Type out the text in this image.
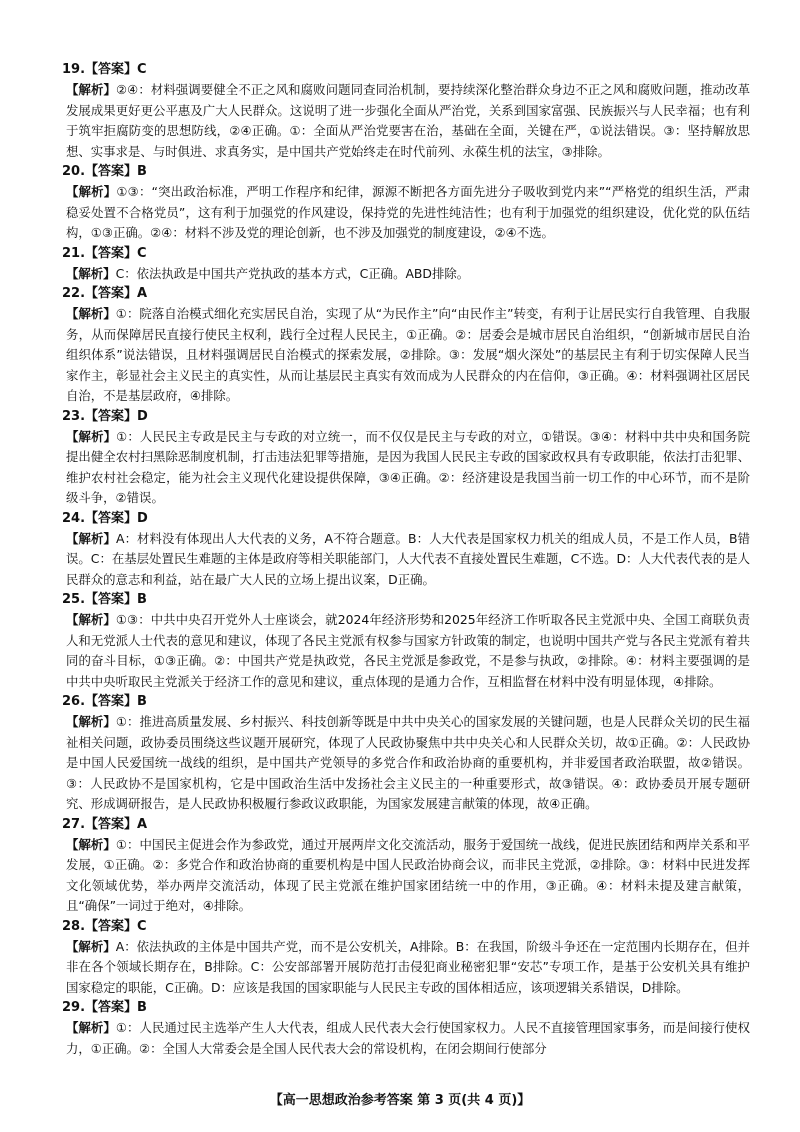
19.【答案】C
【解析】②④：材料强调要健全不正之风和腐败问题同查同治机制，要持续深化整治群众身边不正之风和腐败问题，推动改革发展成果更好更公平惠及广大人民群众。这说明了进一步强化全面从严治党，关系到国家富强、民族振兴与人民幸福；也有利于筑牢拒腐防变的思想防线，②④正确。①：全面从严治党要害在治，基础在全面，关键在严，①说法错误。③：坚持解放思想、实事求是、与时俱进、求真务实，是中国共产党始终走在时代前列、永葆生机的法宝，③排除。
20.【答案】B
【解析】①③：“突出政治标准，严明工作程序和纪律，源源不断把各方面先进分子吸收到党内来”“严格党的组织生活，严肃稳妥处置不合格党员”，这有利于加强党的作风建设，保持党的先进性纯洁性；也有利于加强党的组织建设，优化党的队伍结构，①③正确。②④：材料不涉及党的理论创新，也不涉及加强党的制度建设，②④不选。
21.【答案】C
【解析】C：依法执政是中国共产党执政的基本方式，C正确。ABD排除。
22.【答案】A
【解析】①：院落自治模式细化充实居民自治，实现了从“为民作主”向“由民作主”转变，有利于让居民实行自我管理、自我服务，从而保障居民直接行使民主权利，践行全过程人民民主，①正确。②：居委会是城市居民自治组织，“创新城市居民自治组织体系”说法错误，且材料强调居民自治模式的探索发展，②排除。③：发展“烟火深处”的基层民主有利于切实保障人民当家作主，彰显社会主义民主的真实性，从而让基层民主真实有效而成为人民群众的内在信仰，③正确。④：材料强调社区居民自治，不是基层政府，④排除。
23.【答案】D
【解析】①：人民民主专政是民主与专政的对立统一，而不仅仅是民主与专政的对立，①错误。③④：材料中共中央和国务院提出健全农村扫黑除恶制度机制，打击违法犯罪等措施，是因为我国人民民主专政的国家政权具有专政职能，依法打击犯罪、维护农村社会稳定，能为社会主义现代化建设提供保障，③④正确。②：经济建设是我国当前一切工作的中心环节，而不是阶级斗争，②错误。
24.【答案】D
【解析】A：材料没有体现出人大代表的义务，A不符合题意。B：人大代表是国家权力机关的组成人员，不是工作人员，B错误。C：在基层处置民生难题的主体是政府等相关职能部门，人大代表不直接处置民生难题，C不选。D：人大代表代表的是人民群众的意志和利益，站在最广大人民的立场上提出议案，D正确。
25.【答案】B
【解析】①③：中共中央召开党外人士座谈会，就2024年经济形势和2025年经济工作听取各民主党派中央、全国工商联负责人和无党派人士代表的意见和建议，体现了各民主党派有权参与国家方针政策的制定，也说明中国共产党与各民主党派有着共同的奋斗目标，①③正确。②：中国共产党是执政党，各民主党派是参政党，不是参与执政，②排除。④：材料主要强调的是中共中央听取民主党派关于经济工作的意见和建议，重点体现的是通力合作，互相监督在材料中没有明显体现，④排除。
26.【答案】B
【解析】①：推进高质量发展、乡村振兴、科技创新等既是中共中央关心的国家发展的关键问题，也是人民群众关切的民生福祉相关问题，政协委员围绕这些议题开展研究，体现了人民政协聚焦中共中央关心和人民群众关切，故①正确。②：人民政协是中国人民爱国统一战线的组织，是中国共产党领导的多党合作和政治协商的重要机构，并非爱国者政治联盟，故②错误。③：人民政协不是国家机构，它是中国政治生活中发扬社会主义民主的一种重要形式，故③错误。④：政协委员开展专题研究、形成调研报告，是人民政协积极履行参政议政职能，为国家发展建言献策的体现，故④正确。
27.【答案】A
【解析】①：中国民主促进会作为参政党，通过开展两岸文化交流活动，服务于爱国统一战线，促进民族团结和两岸关系和平发展，①正确。②：多党合作和政治协商的重要机构是中国人民政治协商会议，而非民主党派，②排除。③：材料中民进发挥文化领域优势，举办两岸交流活动，体现了民主党派在维护国家团结统一中的作用，③正确。④：材料未提及建言献策，且“确保”一词过于绝对，④排除。
28.【答案】C
【解析】A：依法执政的主体是中国共产党，而不是公安机关，A排除。B：在我国，阶级斗争还在一定范围内长期存在，但并非在各个领域长期存在，B排除。C：公安部部署开展防范打击侵犯商业秘密犯罪“安芯”专项工作，是基于公安机关具有维护国家稳定的职能，C正确。D：应该是我国的国家职能与人民民主专政的国体相适应，该项逻辑关系错误，D排除。
29.【答案】B
【解析】①：人民通过民主选举产生人大代表，组成人民代表大会行使国家权力。人民不直接管理国家事务，而是间接行使权力，①正确。②：全国人大常委会是全国人民代表大会的常设机构，在闭会期间行使部分
【高一思想政治参考答案 第 3 页(共 4 页)】
